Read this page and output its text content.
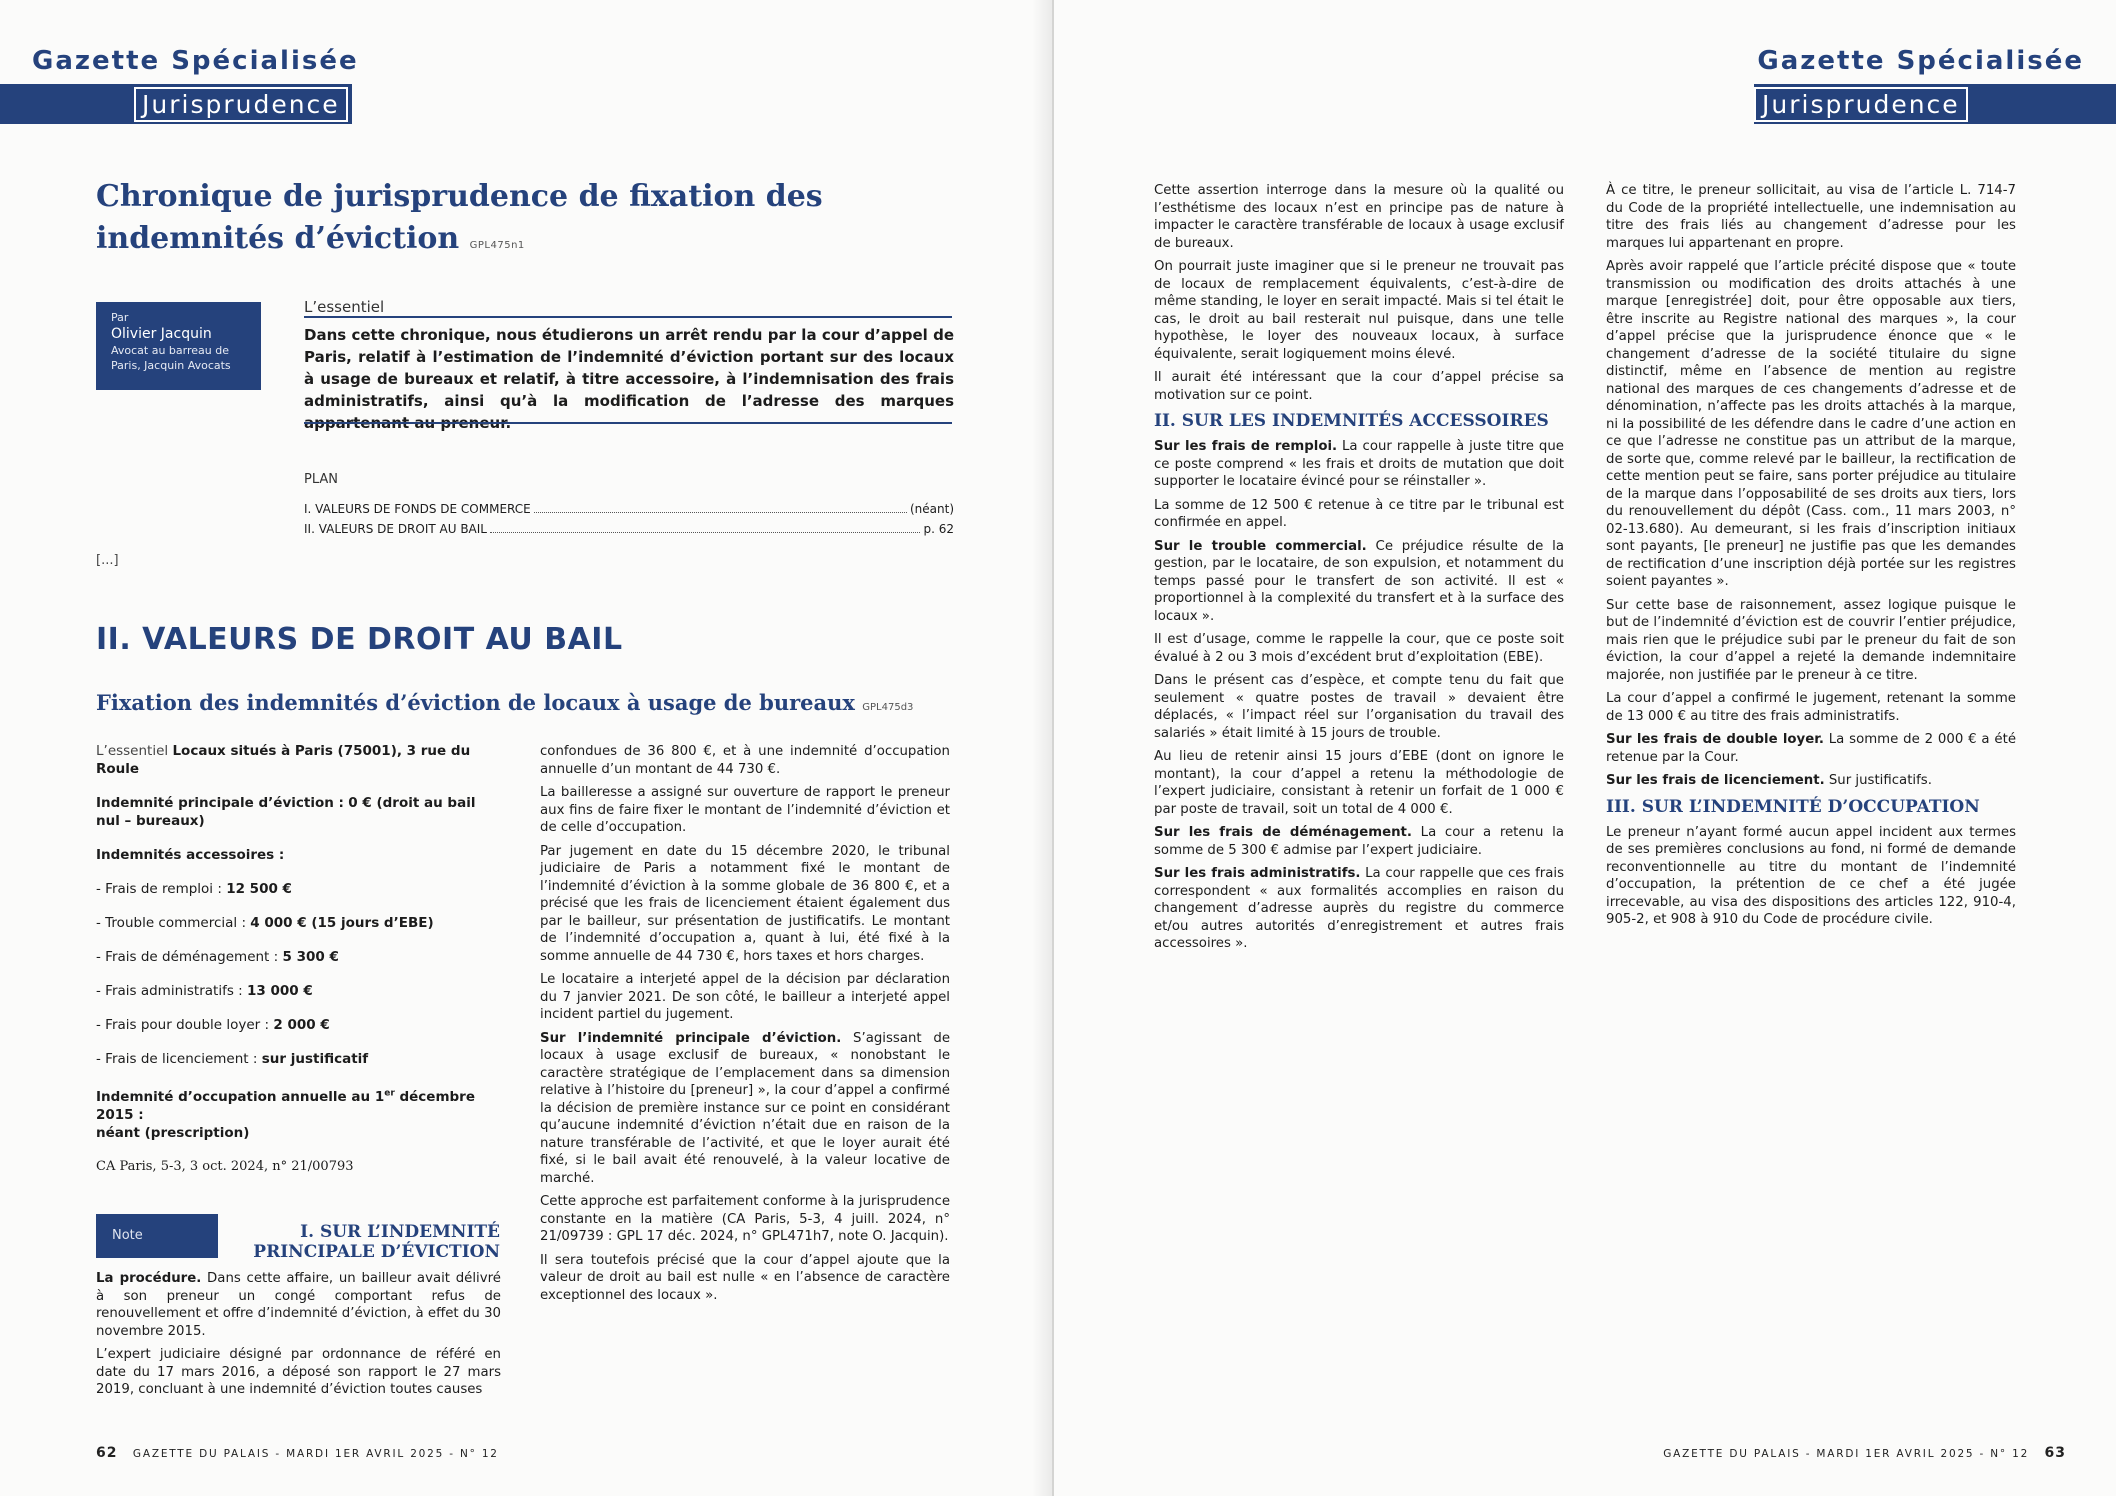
Gazette Spécialisée
Jurisprudence
Chronique de jurisprudence de fixation des indemnités d’éviction GPL475n1
Par
Olivier Jacquin
Avocat au barreau de Paris, Jacquin Avocats
L’essentiel
Dans cette chronique, nous étudierons un arrêt rendu par la cour d’appel de Paris, relatif à l’estimation de l’indemnité d’éviction portant sur des locaux à usage de bureaux et relatif, à titre accessoire, à l’indemnisation des frais administratifs, ainsi qu’à la modification de l’adresse des marques appartenant au preneur.
PLAN
I. VALEURS DE FONDS DE COMMERCE	(néant)
II. VALEURS DE DROIT AU BAIL	p. 62
[...]
II. VALEURS DE DROIT AU BAIL
Fixation des indemnités d’éviction de locaux à usage de bureaux GPL475d3

L’essentiel Locaux situés à Paris (75001), 3 rue du Roule

Indemnité principale d’éviction : 0 € (droit au bail nul – bureaux)

Indemnités accessoires :

- Frais de remploi : 12 500 €

- Trouble commercial : 4 000 € (15 jours d’EBE)

- Frais de déménagement : 5 300 €

- Frais administratifs : 13 000 €

- Frais pour double loyer : 2 000 €

- Frais de licenciement : sur justificatif

Indemnité d’occupation annuelle au 1er décembre 2015 :
néant (prescription)

CA Paris, 5-3, 3 oct. 2024, n° 21/00793

Note	I. SUR L’INDEMNITÉ PRINCIPALE D’ÉVICTION

La procédure. Dans cette affaire, un bailleur avait délivré à son preneur un congé comportant refus de renouvellement et offre d’indemnité d’éviction, à effet du 30 novembre 2015.

L’expert judiciaire désigné par ordonnance de référé en date du 17 mars 2016, a déposé son rapport le 27 mars 2019, concluant à une indemnité d’éviction toutes causes

confondues de 36 800 €, et à une indemnité d’occupation annuelle d’un montant de 44 730 €.

La bailleresse a assigné sur ouverture de rapport le preneur aux fins de faire fixer le montant de l’indemnité d’éviction et de celle d’occupation.

Par jugement en date du 15 décembre 2020, le tribunal judiciaire de Paris a notamment fixé le montant de l’indemnité d’éviction à la somme globale de 36 800 €, et a précisé que les frais de licenciement étaient également dus par le bailleur, sur présentation de justificatifs. Le montant de l’indemnité d’occupation a, quant à lui, été fixé à la somme annuelle de 44 730 €, hors taxes et hors charges.

Le locataire a interjeté appel de la décision par déclaration du 7 janvier 2021. De son côté, le bailleur a interjeté appel incident partiel du jugement.

Sur l’indemnité principale d’éviction. S’agissant de locaux à usage exclusif de bureaux, « nonobstant le caractère stratégique de l’emplacement dans sa dimension relative à l’histoire du [preneur] », la cour d’appel a confirmé la décision de première instance sur ce point en considérant qu’aucune indemnité d’éviction n’était due en raison de la nature transférable de l’activité, et que le loyer aurait été fixé, si le bail avait été renouvelé, à la valeur locative de marché.

Cette approche est parfaitement conforme à la jurisprudence constante en la matière (CA Paris, 5-3, 4 juill. 2024, n° 21/09739 : GPL 17 déc. 2024, n° GPL471h7, note O. Jacquin).

Il sera toutefois précisé que la cour d’appel ajoute que la valeur de droit au bail est nulle « en l’absence de caractère exceptionnel des locaux ».

62 GAZETTE DU PALAIS - MARDI 1ER AVRIL 2025 - N° 12
Gazette Spécialisée
Jurisprudence

Cette assertion interroge dans la mesure où la qualité ou l’esthétisme des locaux n’est en principe pas de nature à impacter le caractère transférable de locaux à usage exclusif de bureaux.

On pourrait juste imaginer que si le preneur ne trouvait pas de locaux de remplacement équivalents, c’est-à-dire de même standing, le loyer en serait impacté. Mais si tel était le cas, le droit au bail resterait nul puisque, dans une telle hypothèse, le loyer des nouveaux locaux, à surface équivalente, serait logiquement moins élevé.

Il aurait été intéressant que la cour d’appel précise sa motivation sur ce point.

II. SUR LES INDEMNITÉS ACCESSOIRES

Sur les frais de remploi. La cour rappelle à juste titre que ce poste comprend « les frais et droits de mutation que doit supporter le locataire évincé pour se réinstaller ».

La somme de 12 500 € retenue à ce titre par le tribunal est confirmée en appel.

Sur le trouble commercial. Ce préjudice résulte de la gestion, par le locataire, de son expulsion, et notamment du temps passé pour le transfert de son activité. Il est « proportionnel à la complexité du transfert et à la surface des locaux ».

Il est d’usage, comme le rappelle la cour, que ce poste soit évalué à 2 ou 3 mois d’excédent brut d’exploitation (EBE).

Dans le présent cas d’espèce, et compte tenu du fait que seulement « quatre postes de travail » devaient être déplacés, « l’impact réel sur l’organisation du travail des salariés » était limité à 15 jours de trouble.

Au lieu de retenir ainsi 15 jours d’EBE (dont on ignore le montant), la cour d’appel a retenu la méthodologie de l’expert judiciaire, consistant à retenir un forfait de 1 000 € par poste de travail, soit un total de 4 000 €.

Sur les frais de déménagement. La cour a retenu la somme de 5 300 € admise par l’expert judiciaire.

Sur les frais administratifs. La cour rappelle que ces frais correspondent « aux formalités accomplies en raison du changement d’adresse auprès du registre du commerce et/ou autres autorités d’enregistrement et autres frais accessoires ».

À ce titre, le preneur sollicitait, au visa de l’article L. 714-7 du Code de la propriété intellectuelle, une indemnisation au titre des frais liés au changement d’adresse pour les marques lui appartenant en propre.

Après avoir rappelé que l’article précité dispose que « toute transmission ou modification des droits attachés à une marque [enregistrée] doit, pour être opposable aux tiers, être inscrite au Registre national des marques », la cour d’appel précise que la jurisprudence énonce que « le changement d’adresse de la société titulaire du signe distinctif, même en l’absence de mention au registre national des marques de ces changements d’adresse et de dénomination, n’affecte pas les droits attachés à la marque, ni la possibilité de les défendre dans le cadre d’une action en ce que l’adresse ne constitue pas un attribut de la marque, de sorte que, comme relevé par le bailleur, la rectification de cette mention peut se faire, sans porter préjudice au titulaire de la marque dans l’opposabilité de ses droits aux tiers, lors du renouvellement du dépôt (Cass. com., 11 mars 2003, n° 02-13.680). Au demeurant, si les frais d’inscription initiaux sont payants, [le preneur] ne justifie pas que les demandes de rectification d’une inscription déjà portée sur les registres soient payantes ».

Sur cette base de raisonnement, assez logique puisque le but de l’indemnité d’éviction est de couvrir l’entier préjudice, mais rien que le préjudice subi par le preneur du fait de son éviction, la cour d’appel a rejeté la demande indemnitaire majorée, non justifiée par le preneur à ce titre.

La cour d’appel a confirmé le jugement, retenant la somme de 13 000 € au titre des frais administratifs.

Sur les frais de double loyer. La somme de 2 000 € a été retenue par la Cour.

Sur les frais de licenciement. Sur justificatifs.

III. SUR L’INDEMNITÉ D’OCCUPATION

Le preneur n’ayant formé aucun appel incident aux termes de ses premières conclusions au fond, ni formé de demande reconventionnelle au titre du montant de l’indemnité d’occupation, la prétention de ce chef a été jugée irrecevable, au visa des dispositions des articles 122, 910-4, 905-2, et 908 à 910 du Code de procédure civile.

GAZETTE DU PALAIS - MARDI 1ER AVRIL 2025 - N° 12 63
